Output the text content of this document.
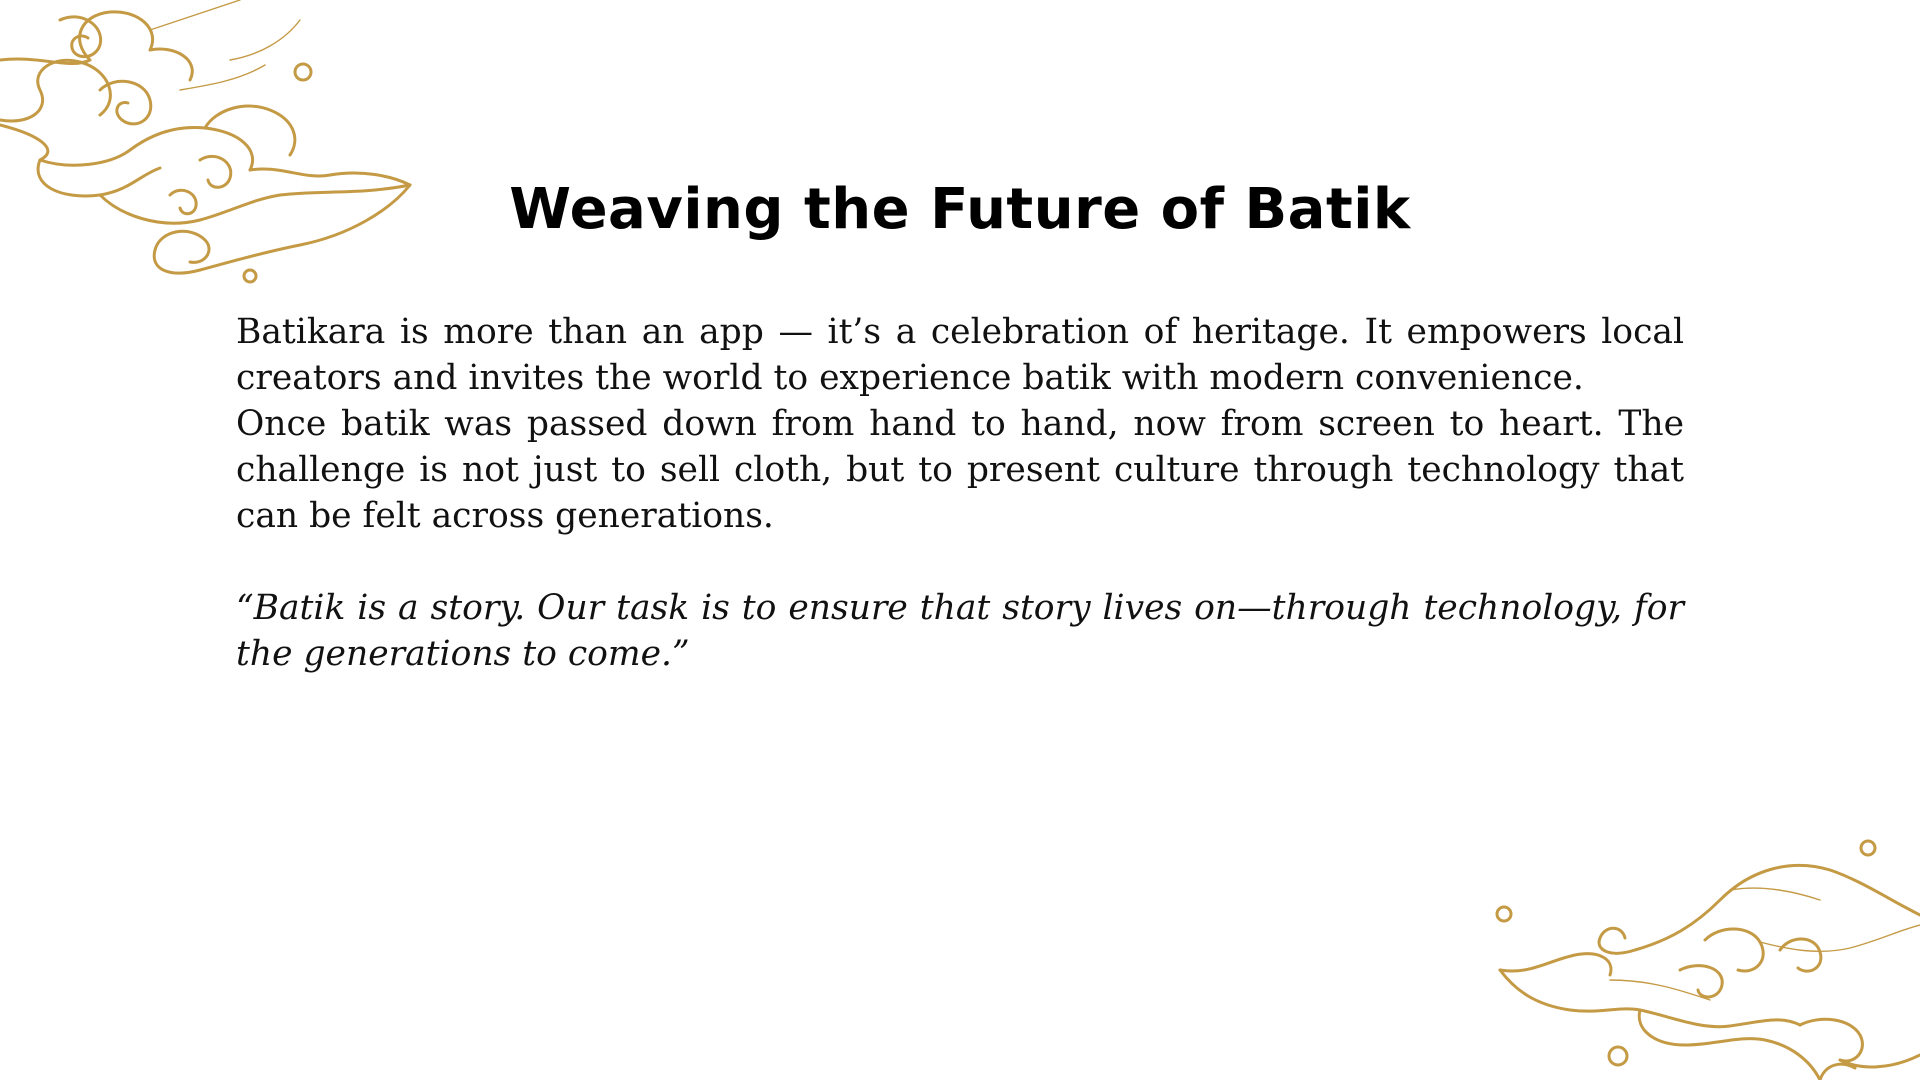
Weaving the Future of Batik

Batikara is more than an app — it’s a celebration of heritage. It empowers local creators and invites the world to experience batik with modern convenience.

Once batik was passed down from hand to hand, now from screen to heart. The challenge is not just to sell cloth, but to present culture through technology that can be felt across generations.

“Batik is a story. Our task is to ensure that story lives on—through technology, for the generations to come.”
